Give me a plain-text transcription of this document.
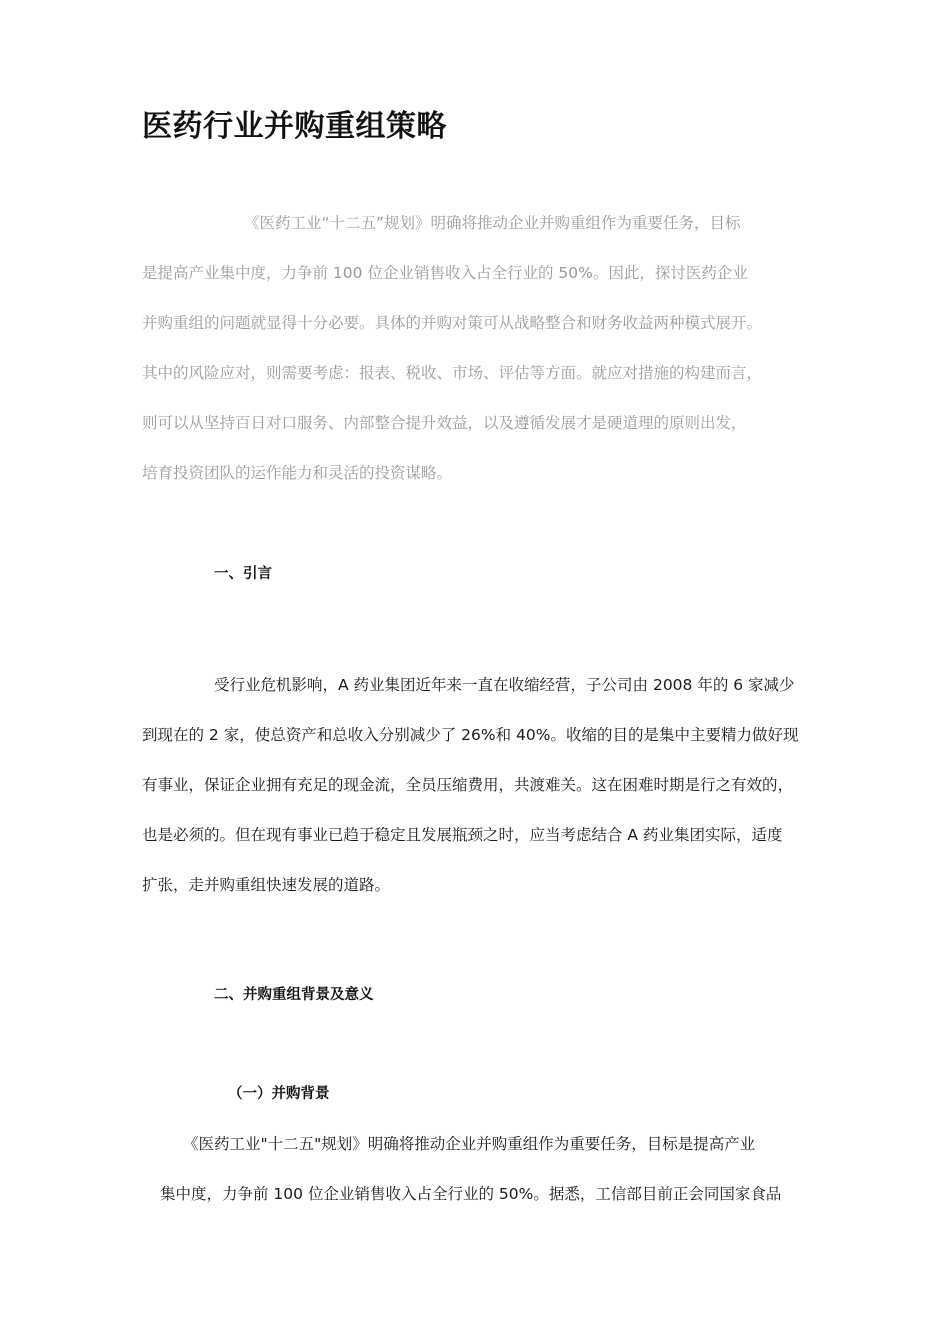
医药行业并购重组策略

《医药工业“十二五”规划》明确将推动企业并购重组作为重要任务，目标

是提高产业集中度，力争前 100 位企业销售收入占全行业的 50%。因此，探讨医药企业

并购重组的问题就显得十分必要。具体的并购对策可从战略整合和财务收益两种模式展开。

其中的风险应对，则需要考虑：报表、税收、市场、评估等方面。就应对措施的构建而言，

则可以从坚持百日对口服务、内部整合提升效益，以及遵循发展才是硬道理的原则出发，

培育投资团队的运作能力和灵活的投资谋略。

一、引言

受行业危机影响，A 药业集团近年来一直在收缩经营，子公司由 2008 年的 6 家减少

到现在的 2 家，使总资产和总收入分别减少了 26%和 40%。收缩的目的是集中主要精力做好现

有事业，保证企业拥有充足的现金流，全员压缩费用，共渡难关。这在困难时期是行之有效的，

也是必须的。但在现有事业已趋于稳定且发展瓶颈之时，应当考虑结合 A 药业集团实际，适度

扩张，走并购重组快速发展的道路。

二、并购重组背景及意义
（一）并购背景

《医药工业"十二五"规划》明确将推动企业并购重组作为重要任务，目标是提高产业

集中度，力争前 100 位企业销售收入占全行业的 50%。据悉，工信部目前正会同国家食品
